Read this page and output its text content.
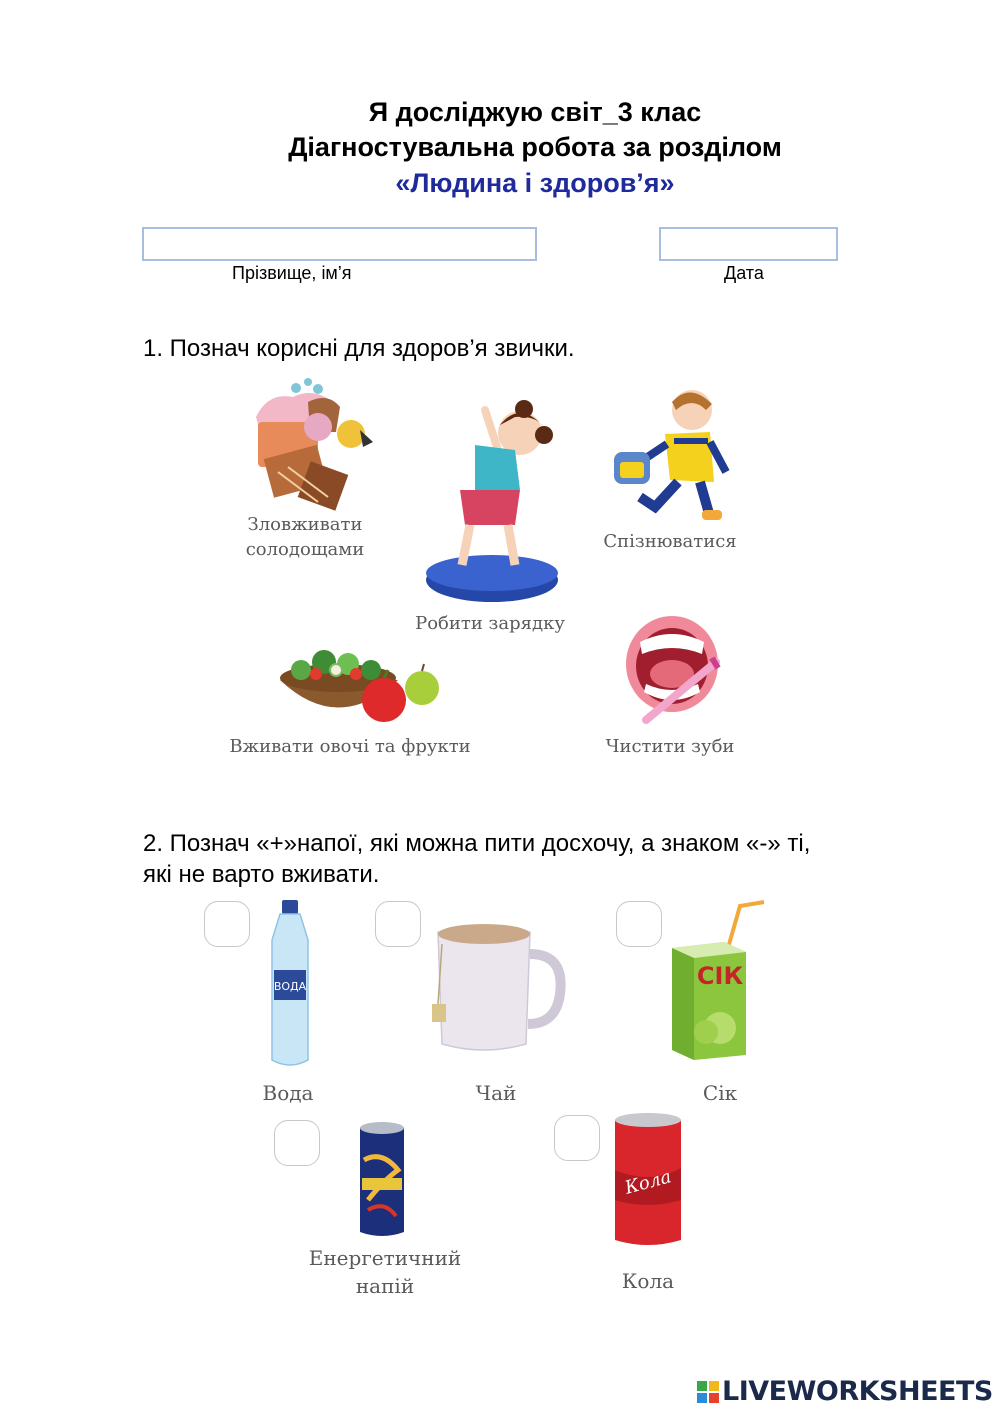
Я досліджую світ_3 клас
Діагностувальна робота за розділом
«Людина і здоров’я»
Прізвище, ім’я	Дата
1. Познач корисні для здоров’я звички.
Зловживати
солодощами
Робити зарядку
Спізнюватися
Вживати овочі та фрукти	Чистити зуби
2. Познач «+»напої, які можна пити досхочу, а знаком «-» ті,
які не варто вживати.
ВОДА
Вода	Чай
СІК
Сік
Енергетичний
напій
Кола
Кола
LIVEWORKSHEETS
